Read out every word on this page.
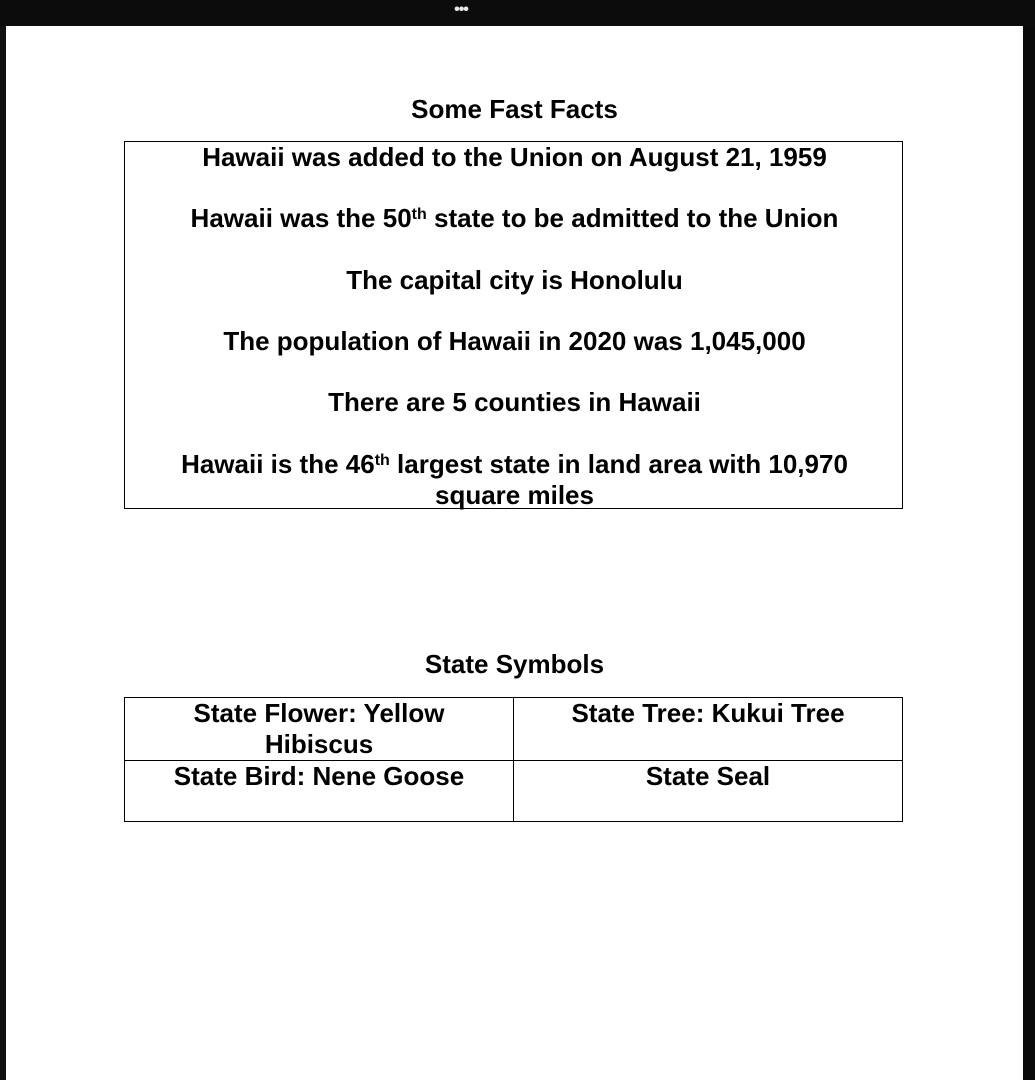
•••
Some Fast Facts
Hawaii was added to the Union on August 21, 1959
Hawaii was the 50th state to be admitted to the Union
The capital city is Honolulu
The population of Hawaii in 2020 was 1,045,000
There are 5 counties in Hawaii
Hawaii is the 46th largest state in land area with 10,970 square miles
State Symbols
State Flower: Yellow Hibiscus	State Tree: Kukui Tree
State Bird: Nene Goose	State Seal
